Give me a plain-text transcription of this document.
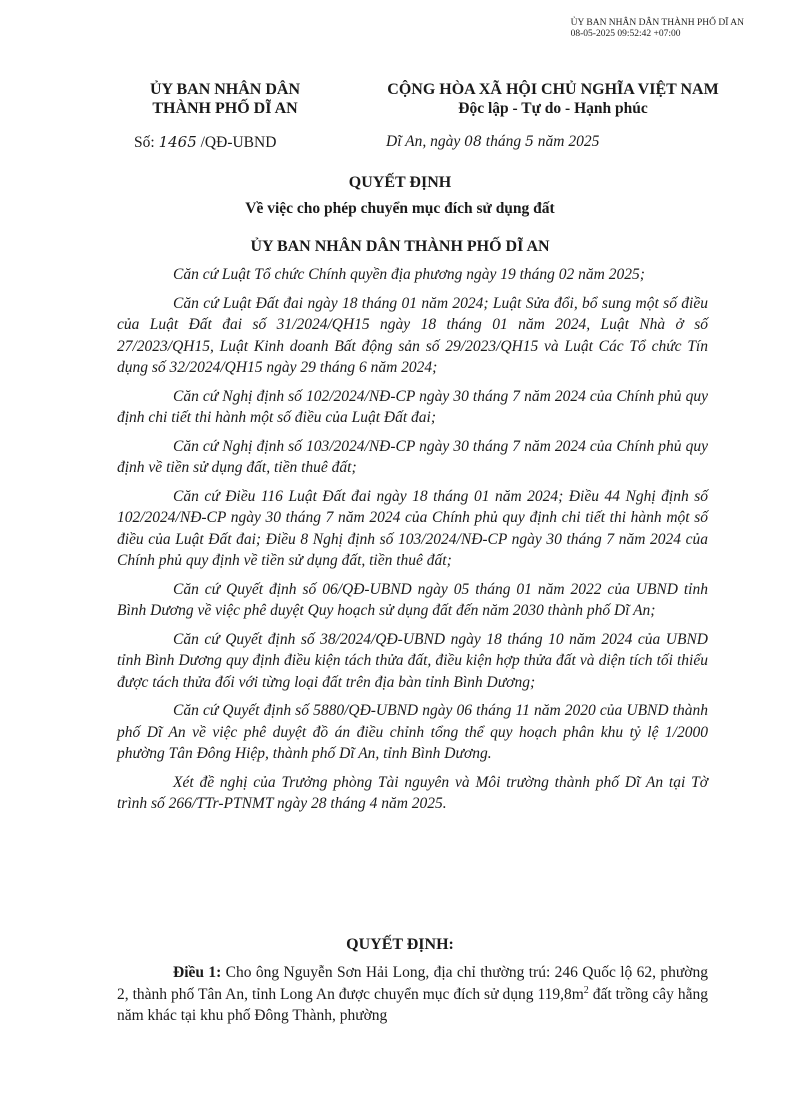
ỦY BAN NHÂN DÂN THÀNH PHỐ DĨ AN
08-05-2025 09:52:42 +07:00
ỦY BAN NHÂN DÂN
THÀNH PHỐ DĨ AN
CỘNG HÒA XÃ HỘI CHỦ NGHĨA VIỆT NAM
Độc lập - Tự do - Hạnh phúc
Số: 1465 /QĐ-UBND	Dĩ An, ngày 08 tháng 5 năm 2025
QUYẾT ĐỊNH
Về việc cho phép chuyển mục đích sử dụng đất
ỦY BAN NHÂN DÂN THÀNH PHỐ DĨ AN

Căn cứ Luật Tổ chức Chính quyền địa phương ngày 19 tháng 02 năm 2025;

Căn cứ Luật Đất đai ngày 18 tháng 01 năm 2024; Luật Sửa đổi, bổ sung một số điều của Luật Đất đai số 31/2024/QH15 ngày 18 tháng 01 năm 2024, Luật Nhà ở số 27/2023/QH15, Luật Kinh doanh Bất động sản số 29/2023/QH15 và Luật Các Tổ chức Tín dụng số 32/2024/QH15 ngày 29 tháng 6 năm 2024;

Căn cứ Nghị định số 102/2024/NĐ-CP ngày 30 tháng 7 năm 2024 của Chính phủ quy định chi tiết thi hành một số điều của Luật Đất đai;

Căn cứ Nghị định số 103/2024/NĐ-CP ngày 30 tháng 7 năm 2024 của Chính phủ quy định về tiền sử dụng đất, tiền thuê đất;

Căn cứ Điều 116 Luật Đất đai ngày 18 tháng 01 năm 2024; Điều 44 Nghị định số 102/2024/NĐ-CP ngày 30 tháng 7 năm 2024 của Chính phủ quy định chi tiết thi hành một số điều của Luật Đất đai; Điều 8 Nghị định số 103/2024/NĐ-CP ngày 30 tháng 7 năm 2024 của Chính phủ quy định về tiền sử dụng đất, tiền thuê đất;

Căn cứ Quyết định số 06/QĐ-UBND ngày 05 tháng 01 năm 2022 của UBND tỉnh Bình Dương về việc phê duyệt Quy hoạch sử dụng đất đến năm 2030 thành phố Dĩ An;

Căn cứ Quyết định số 38/2024/QĐ-UBND ngày 18 tháng 10 năm 2024 của UBND tỉnh Bình Dương quy định điều kiện tách thửa đất, điều kiện hợp thửa đất và diện tích tối thiểu được tách thửa đối với từng loại đất trên địa bàn tỉnh Bình Dương;

Căn cứ Quyết định số 5880/QĐ-UBND ngày 06 tháng 11 năm 2020 của UBND thành phố Dĩ An về việc phê duyệt đồ án điều chỉnh tổng thể quy hoạch phân khu tỷ lệ 1/2000 phường Tân Đông Hiệp, thành phố Dĩ An, tỉnh Bình Dương.

Xét đề nghị của Trưởng phòng Tài nguyên và Môi trường thành phố Dĩ An tại Tờ trình số 266/TTr-PTNMT ngày 28 tháng 4 năm 2025.

QUYẾT ĐỊNH:

Điều 1: Cho ông Nguyễn Sơn Hải Long, địa chỉ thường trú: 246 Quốc lộ 62, phường 2, thành phố Tân An, tỉnh Long An được chuyển mục đích sử dụng $119,8m^2$ đất trồng cây hằng năm khác tại khu phố Đông Thành, phường
